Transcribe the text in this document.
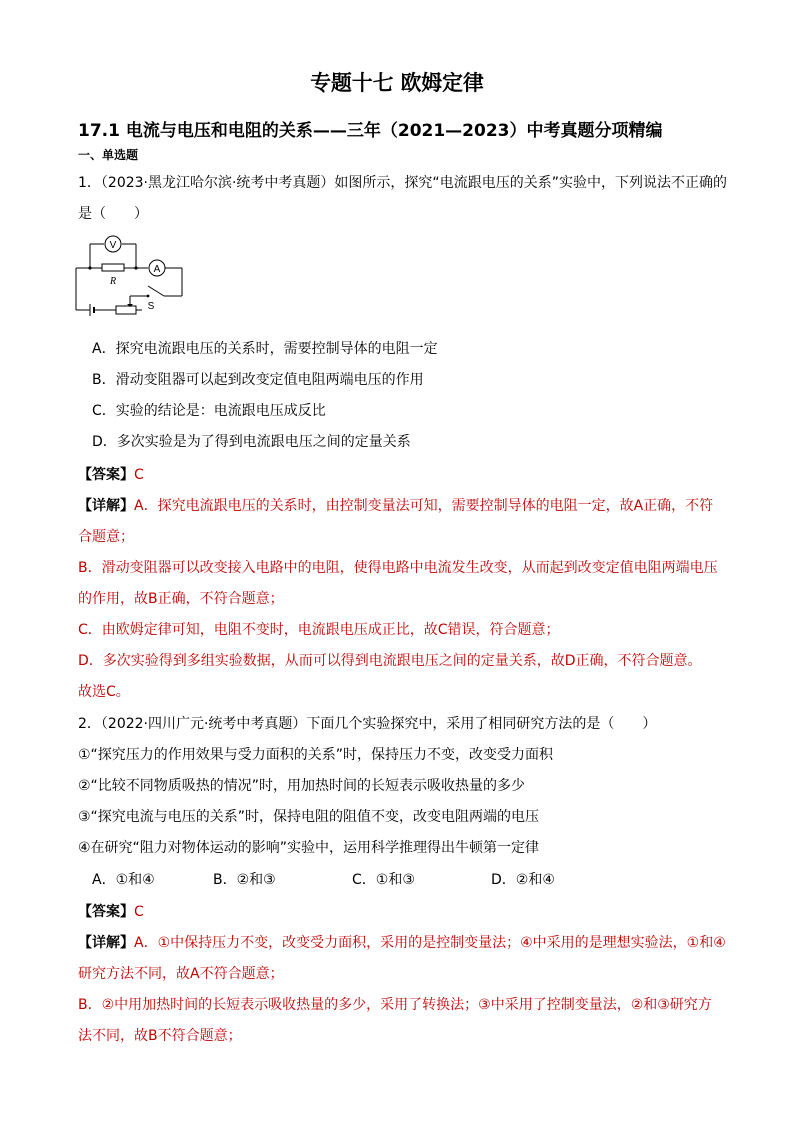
专题十七 欧姆定律
17.1 电流与电压和电阻的关系——三年（2021—2023）中考真题分项精编
一、单选题
1．（2023·黑龙江哈尔滨·统考中考真题）如图所示，探究“电流跟电压的关系”实验中，下列说法不正确的
是（　　）
V
A
R
S
A．探究电流跟电压的关系时，需要控制导体的电阻一定
B．滑动变阻器可以起到改变定值电阻两端电压的作用
C．实验的结论是：电流跟电压成反比
D．多次实验是为了得到电流跟电压之间的定量关系
【答案】C
【详解】A．探究电流跟电压的关系时，由控制变量法可知，需要控制导体的电阻一定，故A正确，不符
合题意；
B．滑动变阻器可以改变接入电路中的电阻，使得电路中电流发生改变，从而起到改变定值电阻两端电压
的作用，故B正确，不符合题意；
C．由欧姆定律可知，电阻不变时，电流跟电压成正比，故C错误，符合题意；
D．多次实验得到多组实验数据，从而可以得到电流跟电压之间的定量关系，故D正确，不符合题意。
故选C。
2．（2022·四川广元·统考中考真题）下面几个实验探究中，采用了相同研究方法的是（　　）
①“探究压力的作用效果与受力面积的关系”时，保持压力不变，改变受力面积
②“比较不同物质吸热的情况”时，用加热时间的长短表示吸收热量的多少
③“探究电流与电压的关系”时，保持电阻的阻值不变，改变电阻两端的电压
④在研究“阻力对物体运动的影响”实验中，运用科学推理得出牛顿第一定律
A．①和④	B．②和③	C．①和③	D．②和④
【答案】C
【详解】A．①中保持压力不变，改变受力面积，采用的是控制变量法；④中采用的是理想实验法，①和④
研究方法不同，故A不符合题意；
B．②中用加热时间的长短表示吸收热量的多少，采用了转换法；③中采用了控制变量法，②和③研究方
法不同，故B不符合题意；
